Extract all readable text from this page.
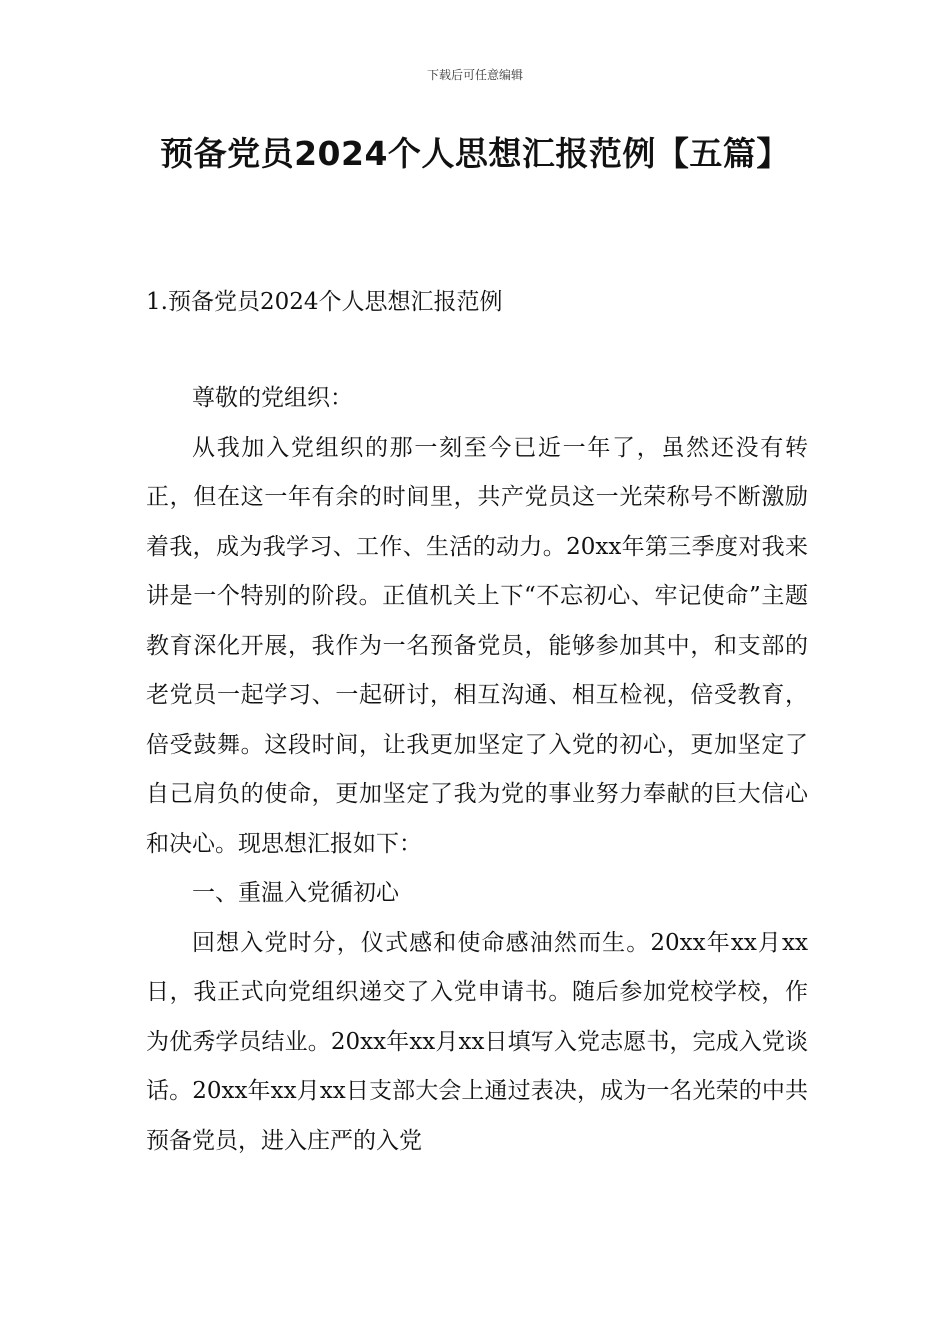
下载后可任意编辑
预备党员2024个人思想汇报范例【五篇】
1.预备党员2024个人思想汇报范例

尊敬的党组织：

从我加入党组织的那一刻至今已近一年了，虽然还没有转正，但在这一年有余的时间里，共产党员这一光荣称号不断激励着我，成为我学习、工作、生活的动力。20xx年第三季度对我来讲是一个特别的阶段。正值机关上下“不忘初心、牢记使命”主题教育深化开展，我作为一名预备党员，能够参加其中，和支部的老党员一起学习、一起研讨，相互沟通、相互检视，倍受教育，倍受鼓舞。这段时间，让我更加坚定了入党的初心，更加坚定了自己肩负的使命，更加坚定了我为党的事业努力奉献的巨大信心和决心。现思想汇报如下：

一、重温入党循初心

回想入党时分，仪式感和使命感油然而生。20xx年xx月xx日，我正式向党组织递交了入党申请书。随后参加党校学校，作为优秀学员结业。20xx年xx月xx日填写入党志愿书，完成入党谈话。20xx年xx月xx日支部大会上通过表决，成为一名光荣的中共预备党员，进入庄严的入党
